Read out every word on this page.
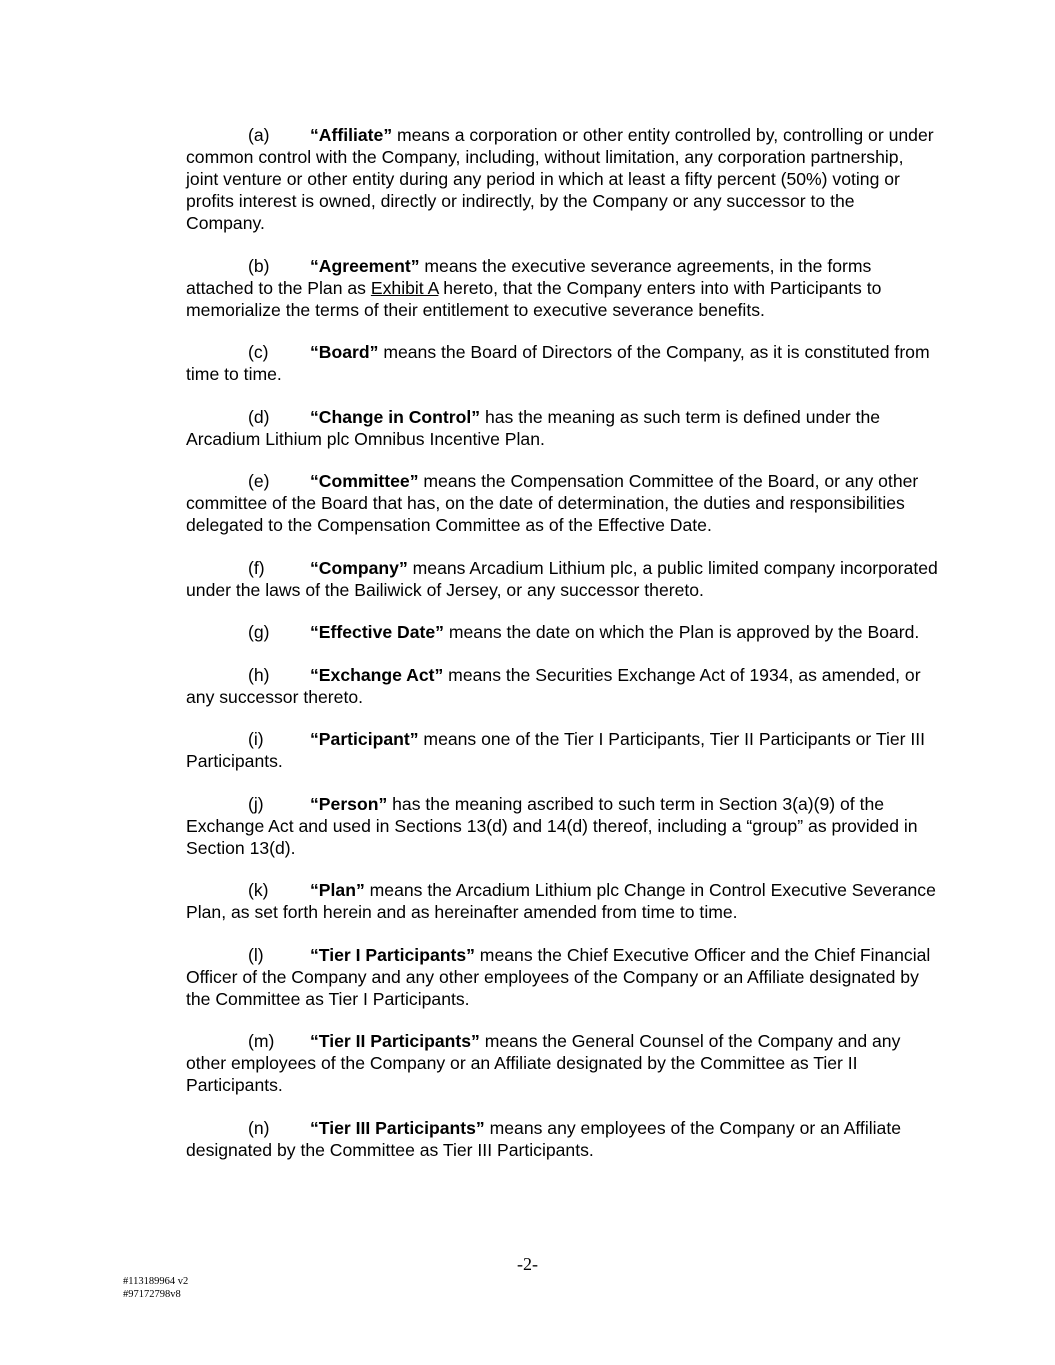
(a) “Affiliate” means a corporation or other entity controlled by, controlling or under common control with the Company, including, without limitation, any corporation partnership, joint venture or other entity during any period in which at least a fifty percent (50%) voting or profits interest is owned, directly or indirectly, by the Company or any successor to the Company.

(b) “Agreement” means the executive severance agreements, in the forms attached to the Plan as Exhibit A hereto, that the Company enters into with Participants to memorialize the terms of their entitlement to executive severance benefits.

(c) “Board” means the Board of Directors of the Company, as it is constituted from time to time.

(d) “Change in Control” has the meaning as such term is defined under the Arcadium Lithium plc Omnibus Incentive Plan.

(e) “Committee” means the Compensation Committee of the Board, or any other committee of the Board that has, on the date of determination, the duties and responsibilities delegated to the Compensation Committee as of the Effective Date.

(f)	“Company” means Arcadium Lithium plc, a public limited company incorporated under the laws of the Bailiwick of Jersey, or any successor thereto.

(g) “Effective Date” means the date on which the Plan is approved by the Board.

(h) “Exchange Act” means the Securities Exchange Act of 1934, as amended, or any successor thereto.

(i)	“Participant” means one of the Tier I Participants, Tier II Participants or Tier III Participants.

(j)	“Person” has the meaning ascribed to such term in Section 3(a)(9) of the Exchange Act and used in Sections 13(d) and 14(d) thereof, including a “group” as provided in Section 13(d).

(k) “Plan” means the Arcadium Lithium plc Change in Control Executive Severance Plan, as set forth herein and as hereinafter amended from time to time.

(l)	“Tier I Participants” means the Chief Executive Officer and the Chief Financial Officer of the Company and any other employees of the Company or an Affiliate designated by the Committee as Tier I Participants.

(m) “Tier II Participants” means the General Counsel of the Company and any other employees of the Company or an Affiliate designated by the Committee as Tier II Participants.

(n) “Tier III Participants” means any employees of the Company or an Affiliate designated by the Committee as Tier III Participants.

-2-
#113189964 v2
#97172798v8
